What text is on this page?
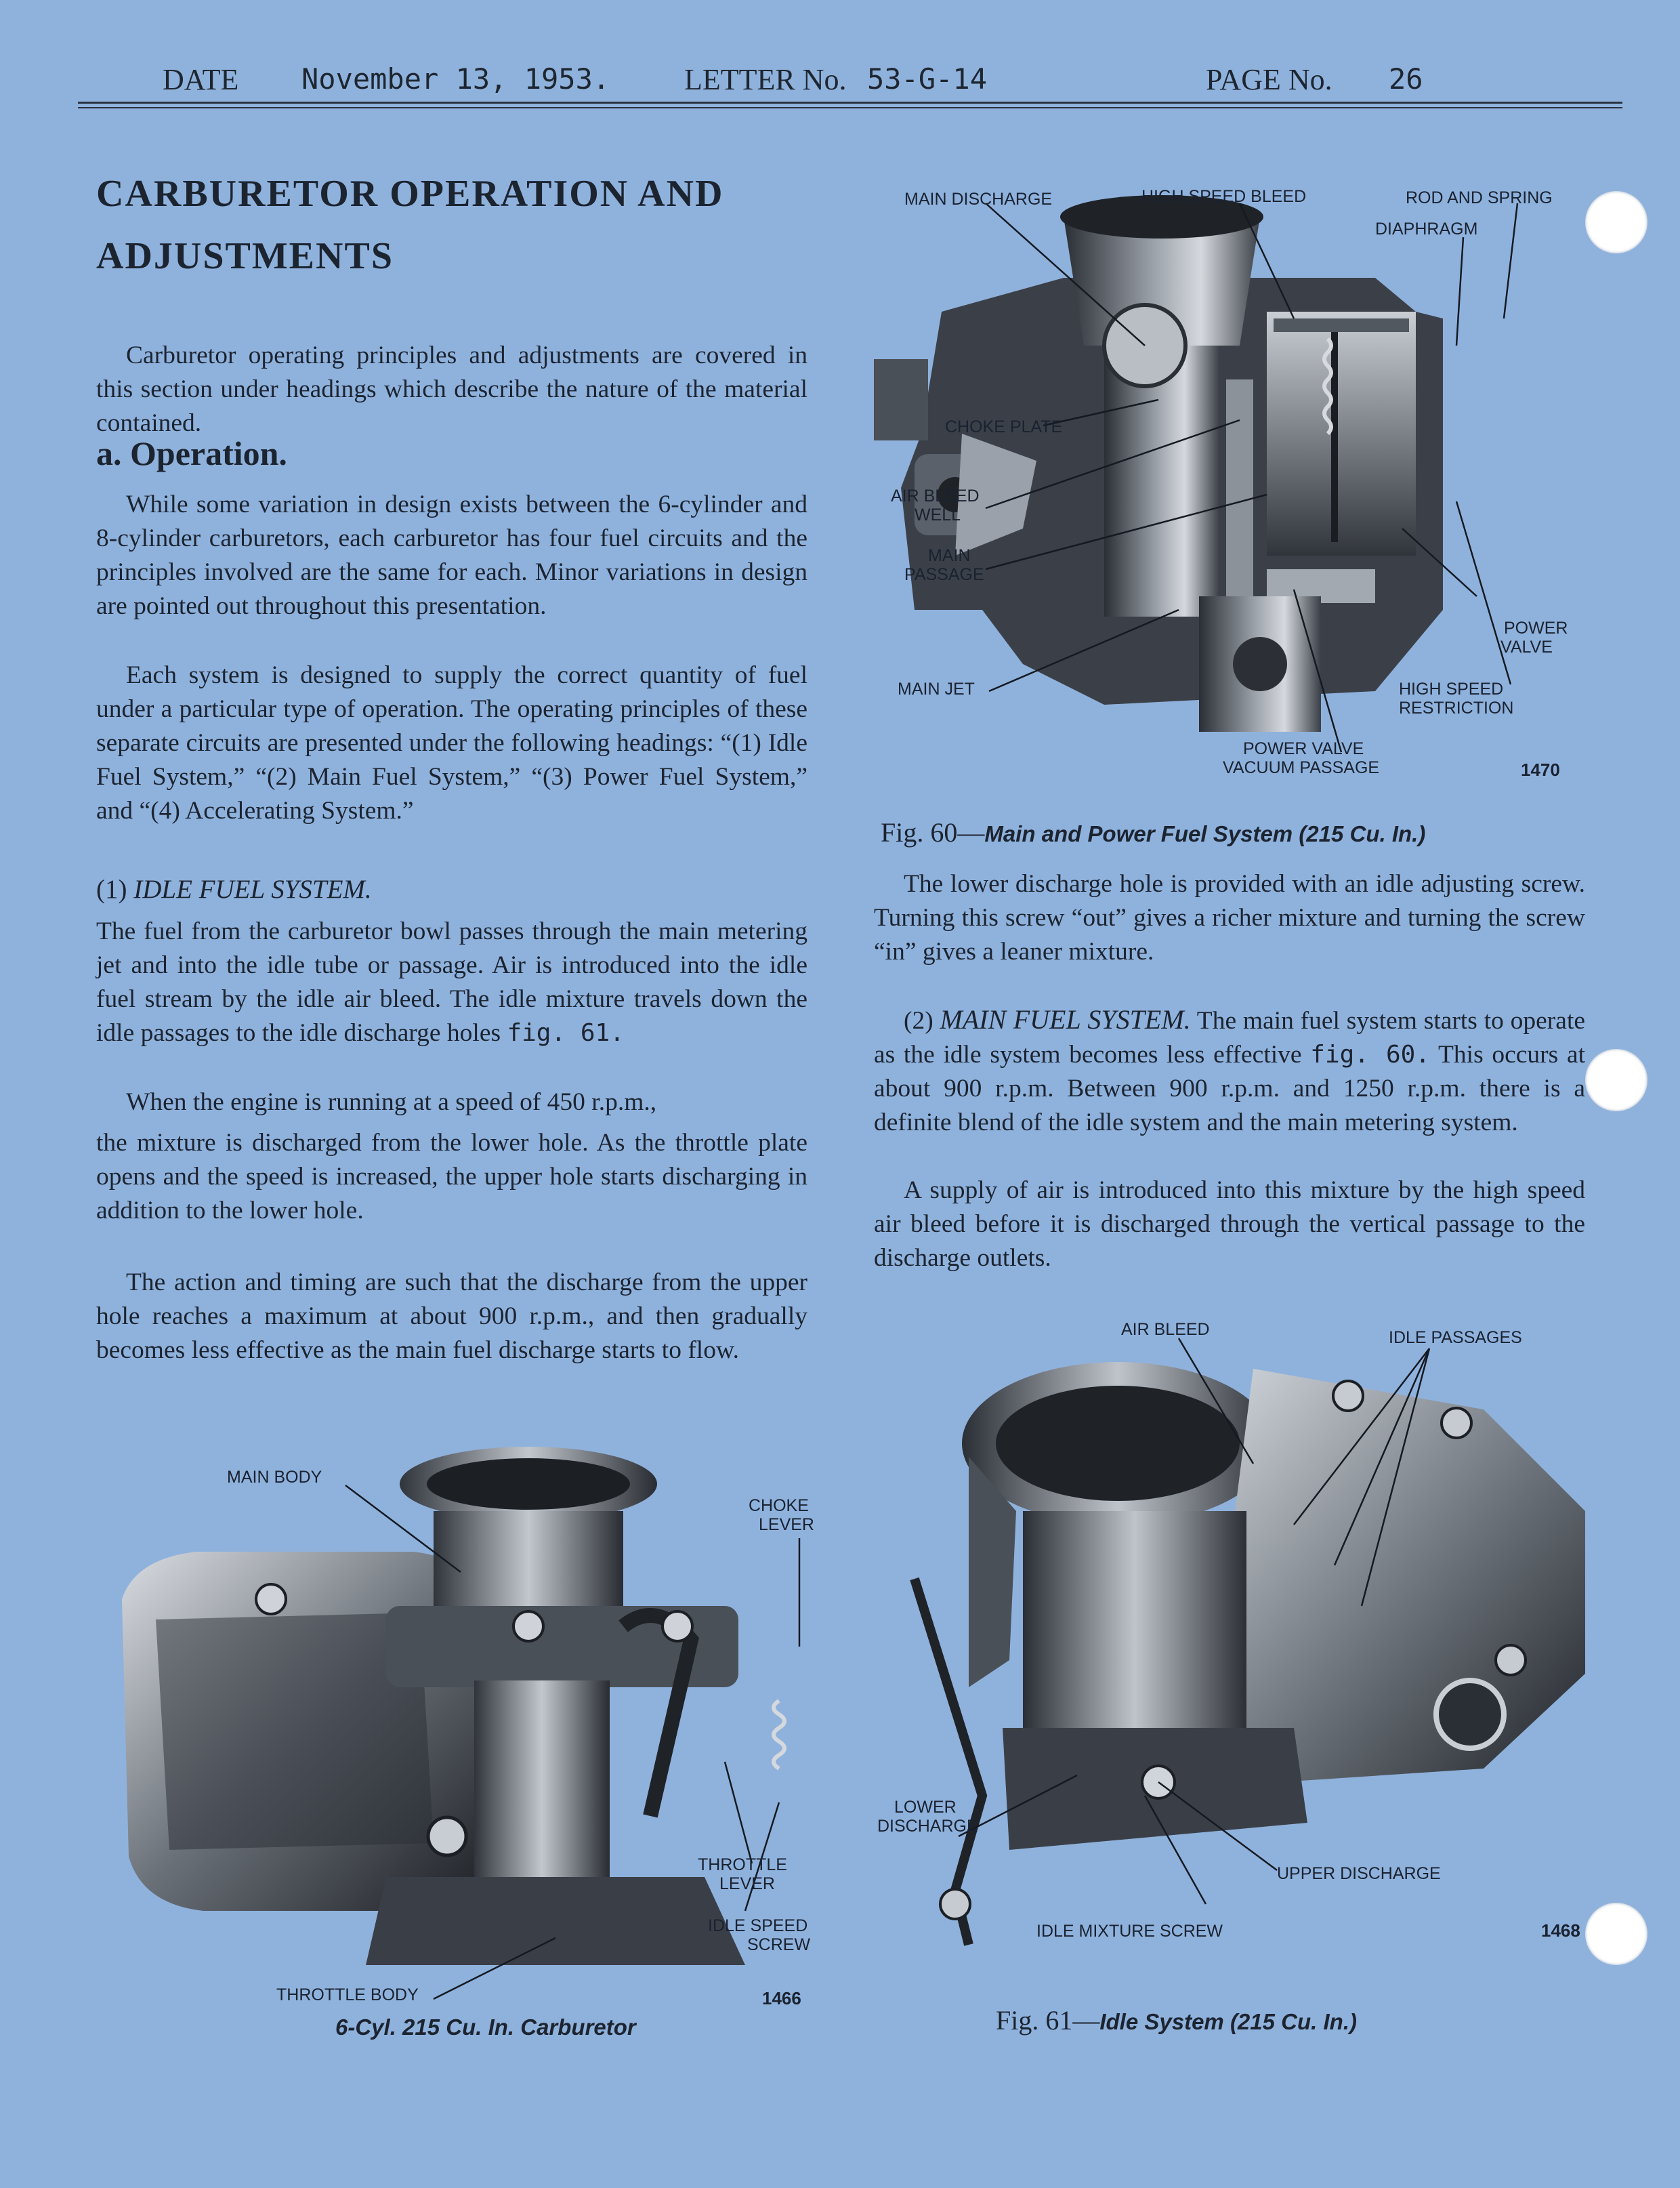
DATE November 13, 1953. LETTER No. 53-G-14	PAGE No. 26
CARBURETOR OPERATION AND
ADJUSTMENTS

Carburetor operating principles and adjustments are covered in this section under headings which describe the nature of the material contained.

a. Operation.

While some variation in design exists between the 6-cylinder and 8-cylinder carburetors, each carburetor has four fuel circuits and the principles involved are the same for each. Minor variations in design are pointed out throughout this presentation.

Each system is designed to supply the correct quantity of fuel under a particular type of operation. The operating principles of these separate circuits are presented under the following headings: “(1) Idle Fuel System,” “(2) Main Fuel System,” “(3) Power Fuel System,” and “(4) Accelerating System.”

(1) IDLE FUEL SYSTEM.

The fuel from the carburetor bowl passes through the main metering jet and into the idle tube or passage. Air is introduced into the idle fuel stream by the idle air bleed. The idle mixture travels down the idle passages to the idle discharge holes fig. 61.

When the engine is running at a speed of 450 r.p.m.,

the mixture is discharged from the lower hole. As the throttle plate opens and the speed is increased, the upper hole starts discharging in addition to the lower hole.

The action and timing are such that the discharge from the upper hole reaches a maximum at about 900 r.p.m., and then gradually becomes less effective as the main fuel discharge starts to flow.

The lower discharge hole is provided with an idle adjusting screw. Turning this screw “out” gives a richer mixture and turning the screw “in” gives a leaner mixture.

(2) MAIN FUEL SYSTEM. The main fuel system starts to operate as the idle system becomes less effective fig. 60. This occurs at about 900 r.p.m. Between 900 r.p.m. and 1250 r.p.m. there is a definite blend of the idle system and the main metering system.

A supply of air is introduced into this mixture by the high speed air bleed before it is discharged through the vertical passage to the discharge outlets.

MAIN DISCHARGE	HIGH SPEED BLEED	ROD AND SPRING
DIAPHRAGM
CHOKE PLATE
AIR BLEED
WELL
MAIN
PASSAGE
POWER
VALVE
MAIN JET	HIGH SPEED
RESTRICTION
POWER VALVE
VACUUM PASSAGE	1470
Fig. 60—Main and Power Fuel System (215 Cu. In.)
MAIN BODY
CHOKE
LEVER
THROTTLE
LEVER
IDLE SPEED
SCREW
THROTTLE BODY	1466
6-Cyl. 215 Cu. In. Carburetor
AIR BLEED	IDLE PASSAGES
LOWER
DISCHARGE
UPPER DISCHARGE
IDLE MIXTURE SCREW	1468
Fig. 61—Idle System (215 Cu. In.)
